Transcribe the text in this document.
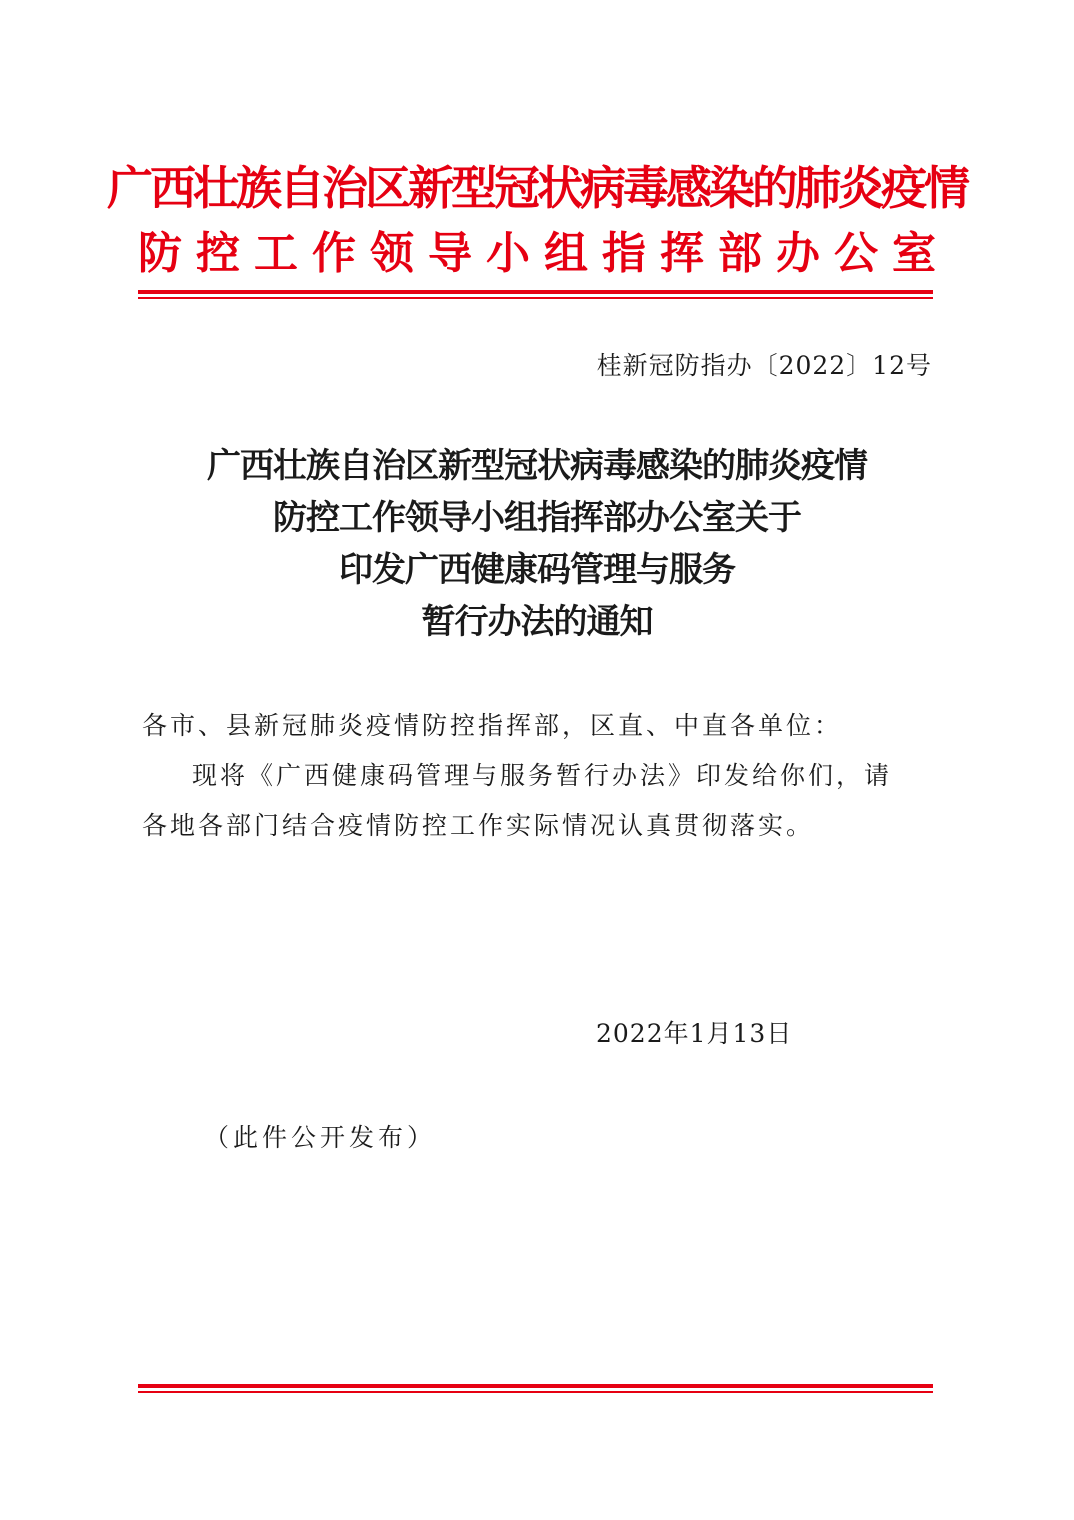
广西壮族自治区新型冠状病毒感染的肺炎疫情
防控工作领导小组指挥部办公室
桂新冠防指办〔2022〕12号
广西壮族自治区新型冠状病毒感染的肺炎疫情
防控工作领导小组指挥部办公室关于
印发广西健康码管理与服务
暂行办法的通知
各市、县新冠肺炎疫情防控指挥部，区直、中直各单位：
现将《广西健康码管理与服务暂行办法》印发给你们，请
各地各部门结合疫情防控工作实际情况认真贯彻落实。
2022年1月13日
（此件公开发布）
